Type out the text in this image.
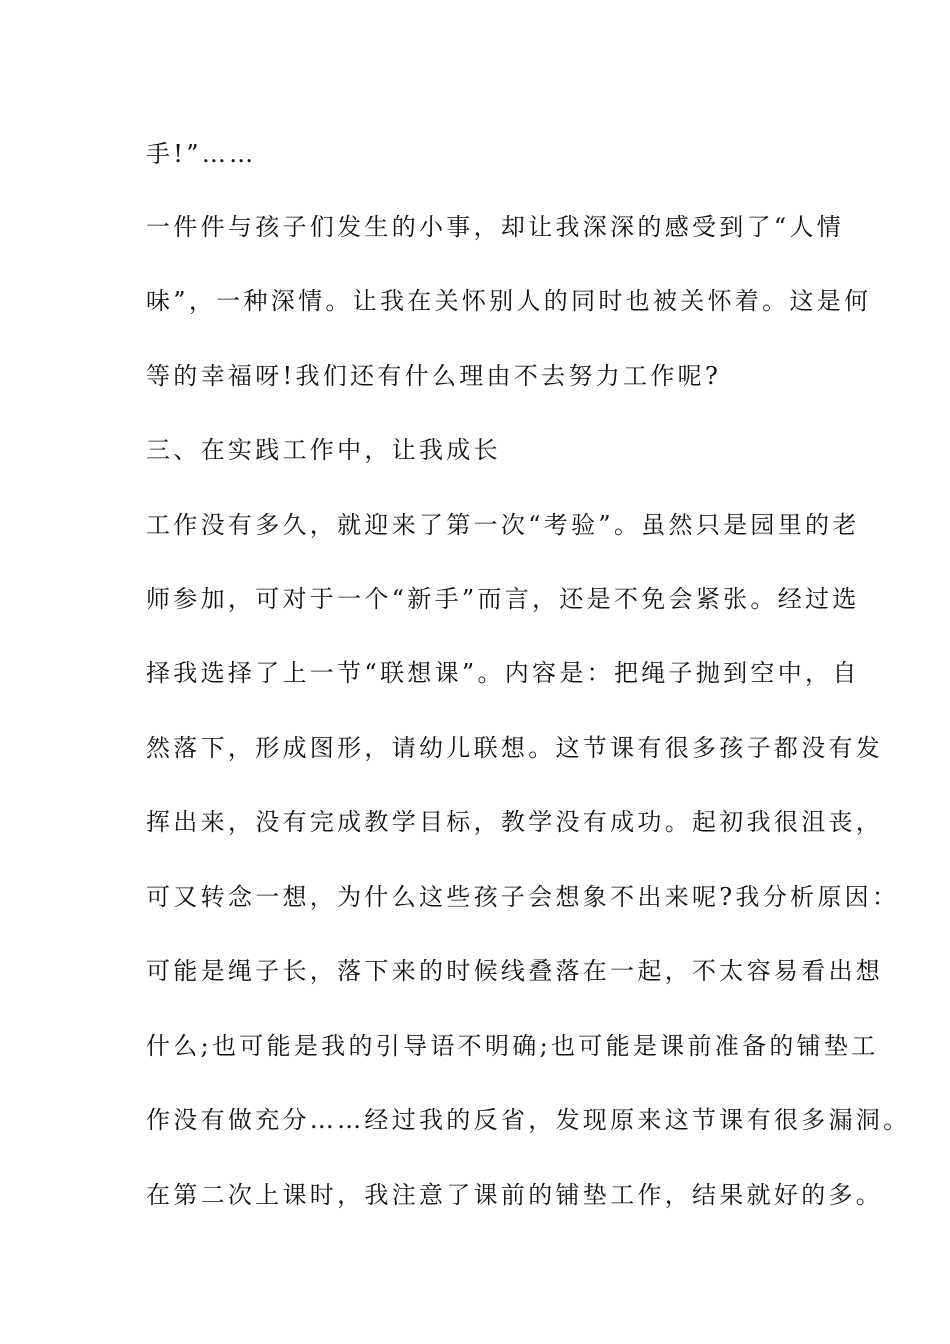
手!”……
一件件与孩子们发生的小事，却让我深深的感受到了“人情
味”，一种深情。让我在关怀别人的同时也被关怀着。这是何
等的幸福呀!我们还有什么理由不去努力工作呢?
三、在实践工作中，让我成长
工作没有多久，就迎来了第一次“考验”。虽然只是园里的老
师参加，可对于一个“新手”而言，还是不免会紧张。经过选
择我选择了上一节“联想课”。内容是：把绳子抛到空中，自
然落下，形成图形，请幼儿联想。这节课有很多孩子都没有发
挥出来，没有完成教学目标，教学没有成功。起初我很沮丧，
可又转念一想，为什么这些孩子会想象不出来呢?我分析原因：
可能是绳子长，落下来的时候线叠落在一起，不太容易看出想
什么;也可能是我的引导语不明确;也可能是课前准备的铺垫工
作没有做充分……经过我的反省，发现原来这节课有很多漏洞。
在第二次上课时，我注意了课前的铺垫工作，结果就好的多。
